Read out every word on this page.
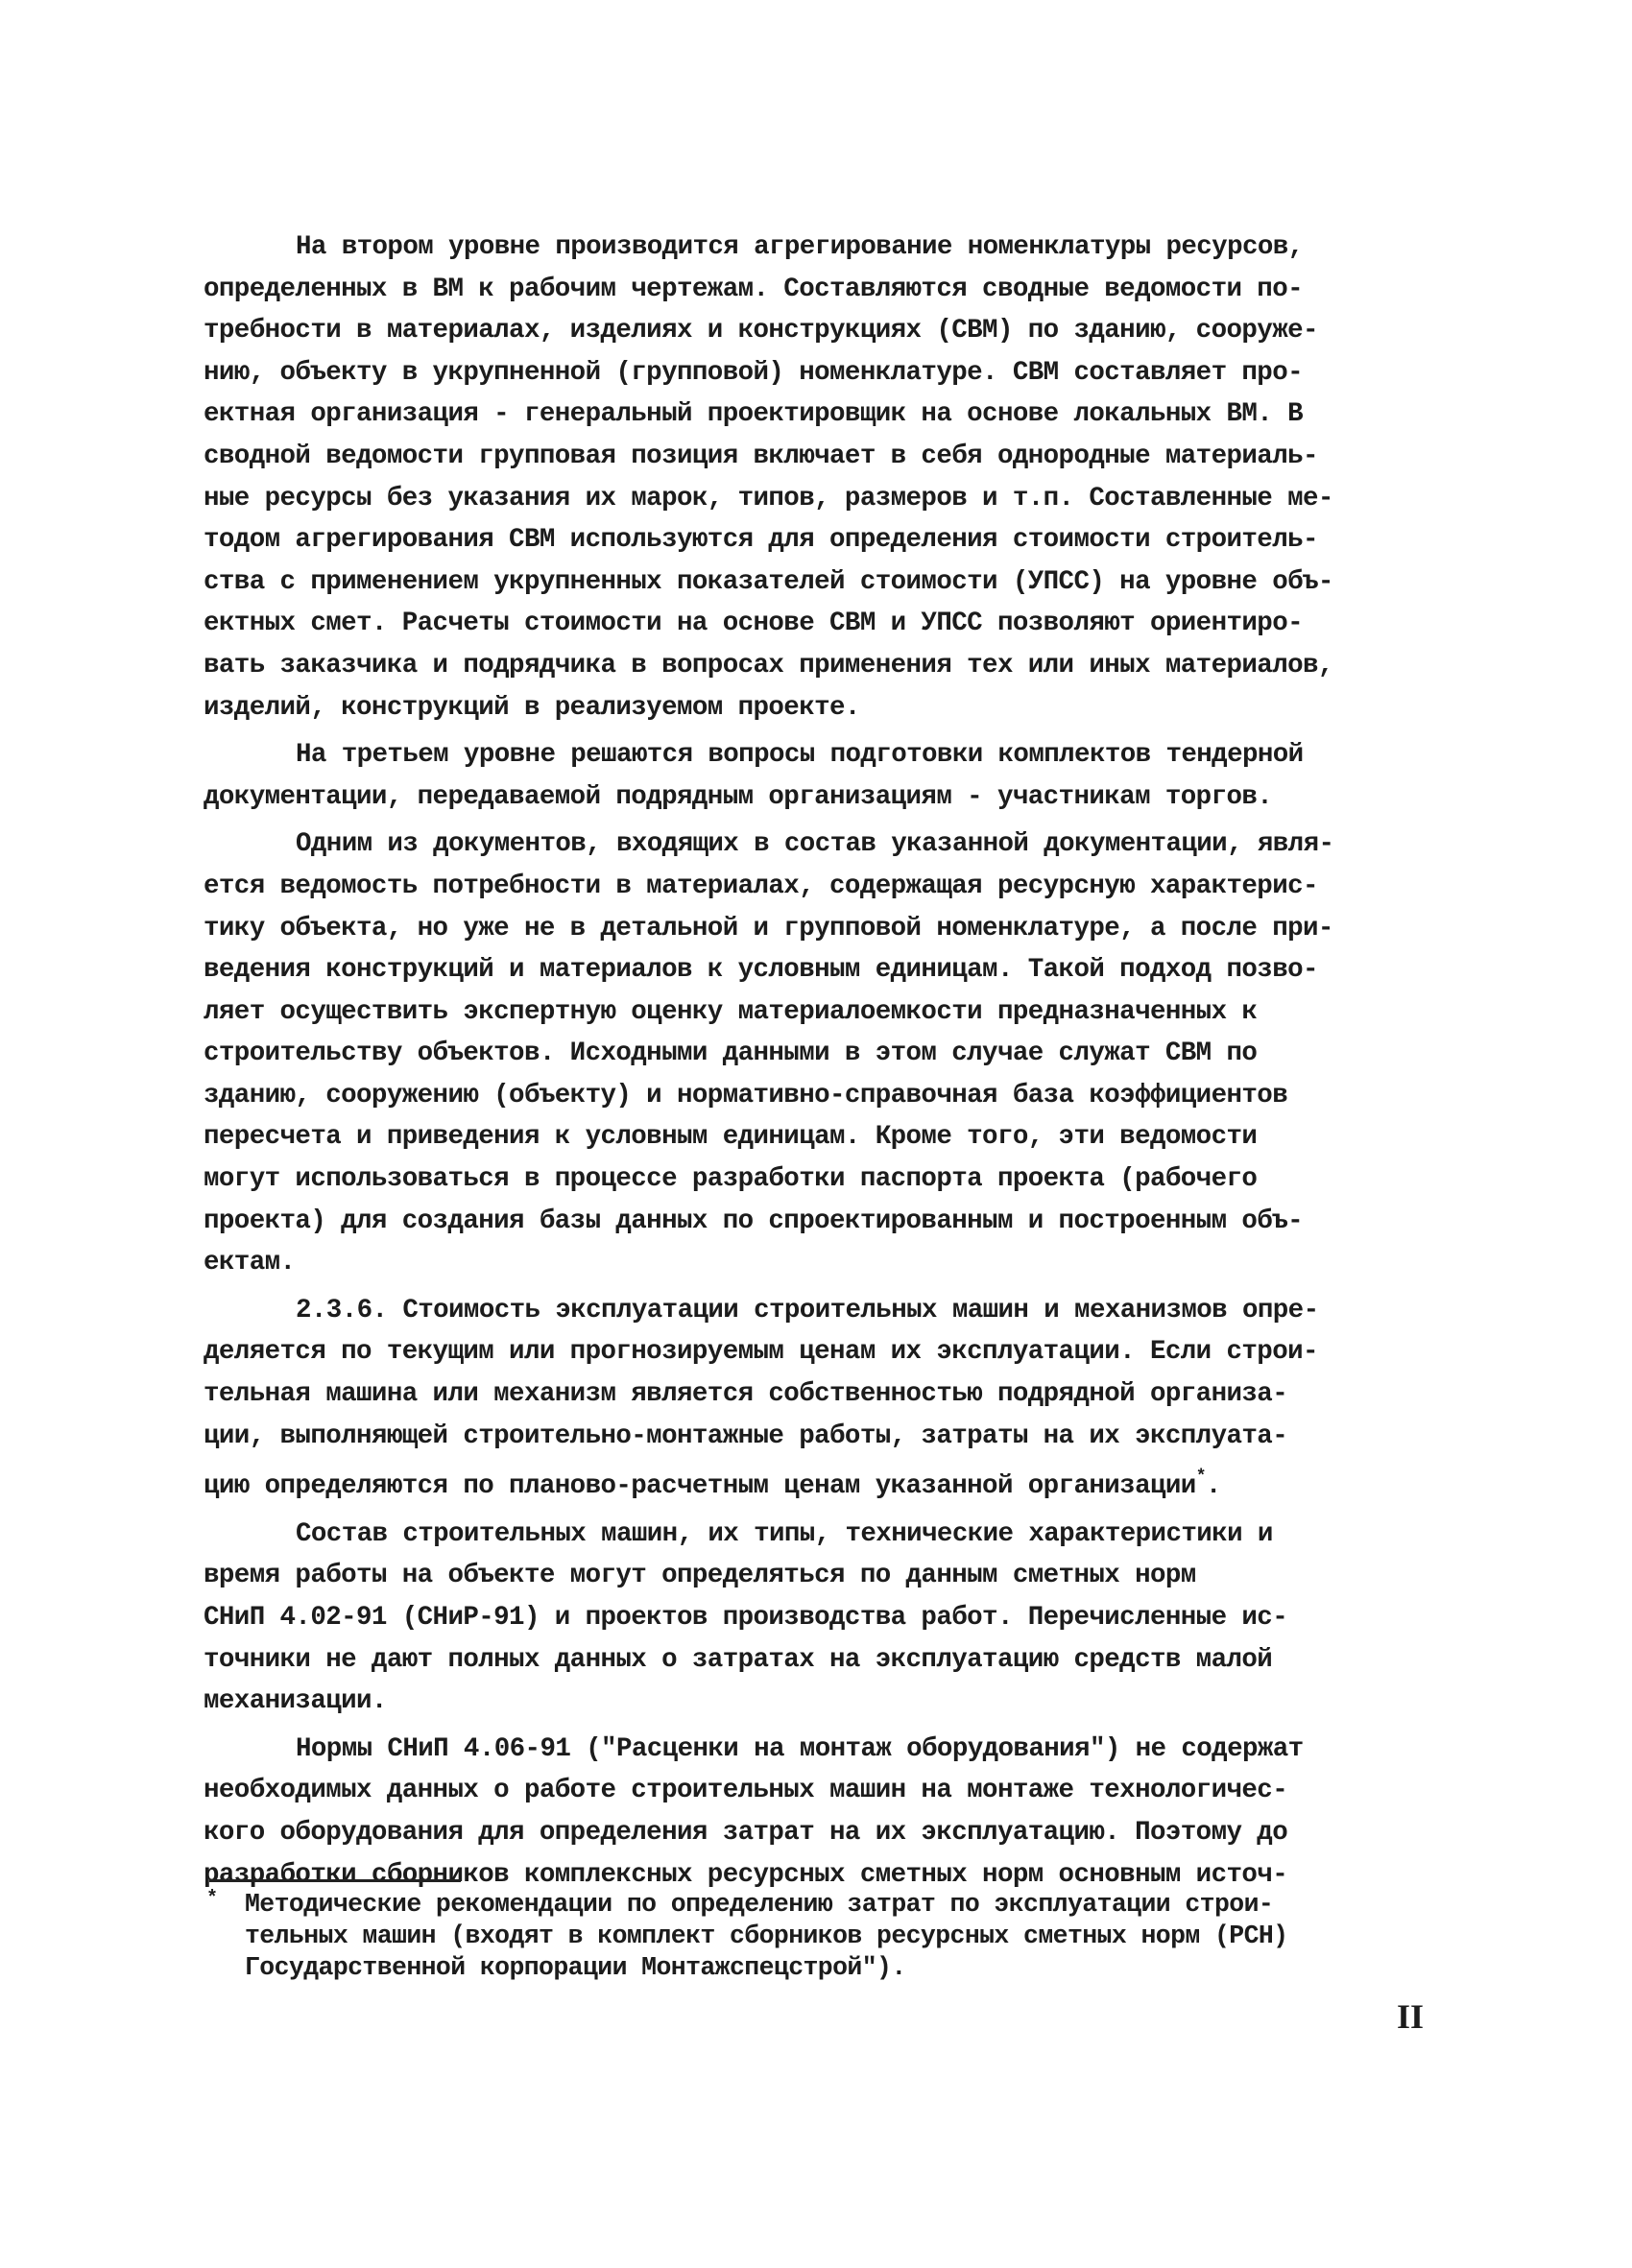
На втором уровне производится агрегирование номенклатуры ресурсов,
определенных в ВМ к рабочим чертежам. Составляются сводные ведомости по-
требности в материалах, изделиях и конструкциях (СВМ) по зданию, сооруже-
нию, объекту в укрупненной (групповой) номенклатуре. СВМ составляет про-
ектная организация - генеральный проектировщик на основе локальных ВМ. В
сводной ведомости групповая позиция включает в себя однородные материаль-
ные ресурсы без указания их марок, типов, размеров и т.п. Составленные ме-
тодом агрегирования СВМ используются для определения стоимости строитель-
ства с применением укрупненных показателей стоимости (УПСС) на уровне объ-
ектных смет. Расчеты стоимости на основе СВМ и УПСС позволяют ориентиро-
вать заказчика и подрядчика в вопросах применения тех или иных материалов,
изделий, конструкций в реализуемом проекте.
На третьем уровне решаются вопросы подготовки комплектов тендерной
документации, передаваемой подрядным организациям - участникам торгов.
Одним из документов, входящих в состав указанной документации, явля-
ется ведомость потребности в материалах, содержащая ресурсную характерис-
тику объекта, но уже не в детальной и групповой номенклатуре, а после при-
ведения конструкций и материалов к условным единицам. Такой подход позво-
ляет осуществить экспертную оценку материалоемкости предназначенных к
строительству объектов. Исходными данными в этом случае служат СВМ по
зданию, сооружению (объекту) и нормативно-справочная база коэффициентов
пересчета и приведения к условным единицам. Кроме того, эти ведомости
могут использоваться в процессе разработки паспорта проекта (рабочего
проекта) для создания базы данных по спроектированным и построенным объ-
ектам.
2.3.6. Стоимость эксплуатации строительных машин и механизмов опре-
деляется по текущим или прогнозируемым ценам их эксплуатации. Если строи-
тельная машина или механизм является собственностью подрядной организа-
ции, выполняющей строительно-монтажные работы, затраты на их эксплуата-
цию определяются по планово-расчетным ценам указанной организации*.
Состав строительных машин, их типы, технические характеристики и
время работы на объекте могут определяться по данным сметных норм
СНиП 4.02-91 (СНиР-91) и проектов производства работ. Перечисленные ис-
точники не дают полных данных о затратах на эксплуатацию средств малой
механизации.
Нормы СНиП 4.06-91 ("Расценки на монтаж оборудования") не содержат
необходимых данных о работе строительных машин на монтаже технологичес-
кого оборудования для определения затрат на их эксплуатацию. Поэтому до
разработки сборников комплексных ресурсных сметных норм основным источ-
* Методические рекомендации по определению затрат по эксплуатации строи-
тельных машин (входят в комплект сборников ресурсных сметных норм (РСН)
Государственной корпорации Монтажспецстрой").
II
